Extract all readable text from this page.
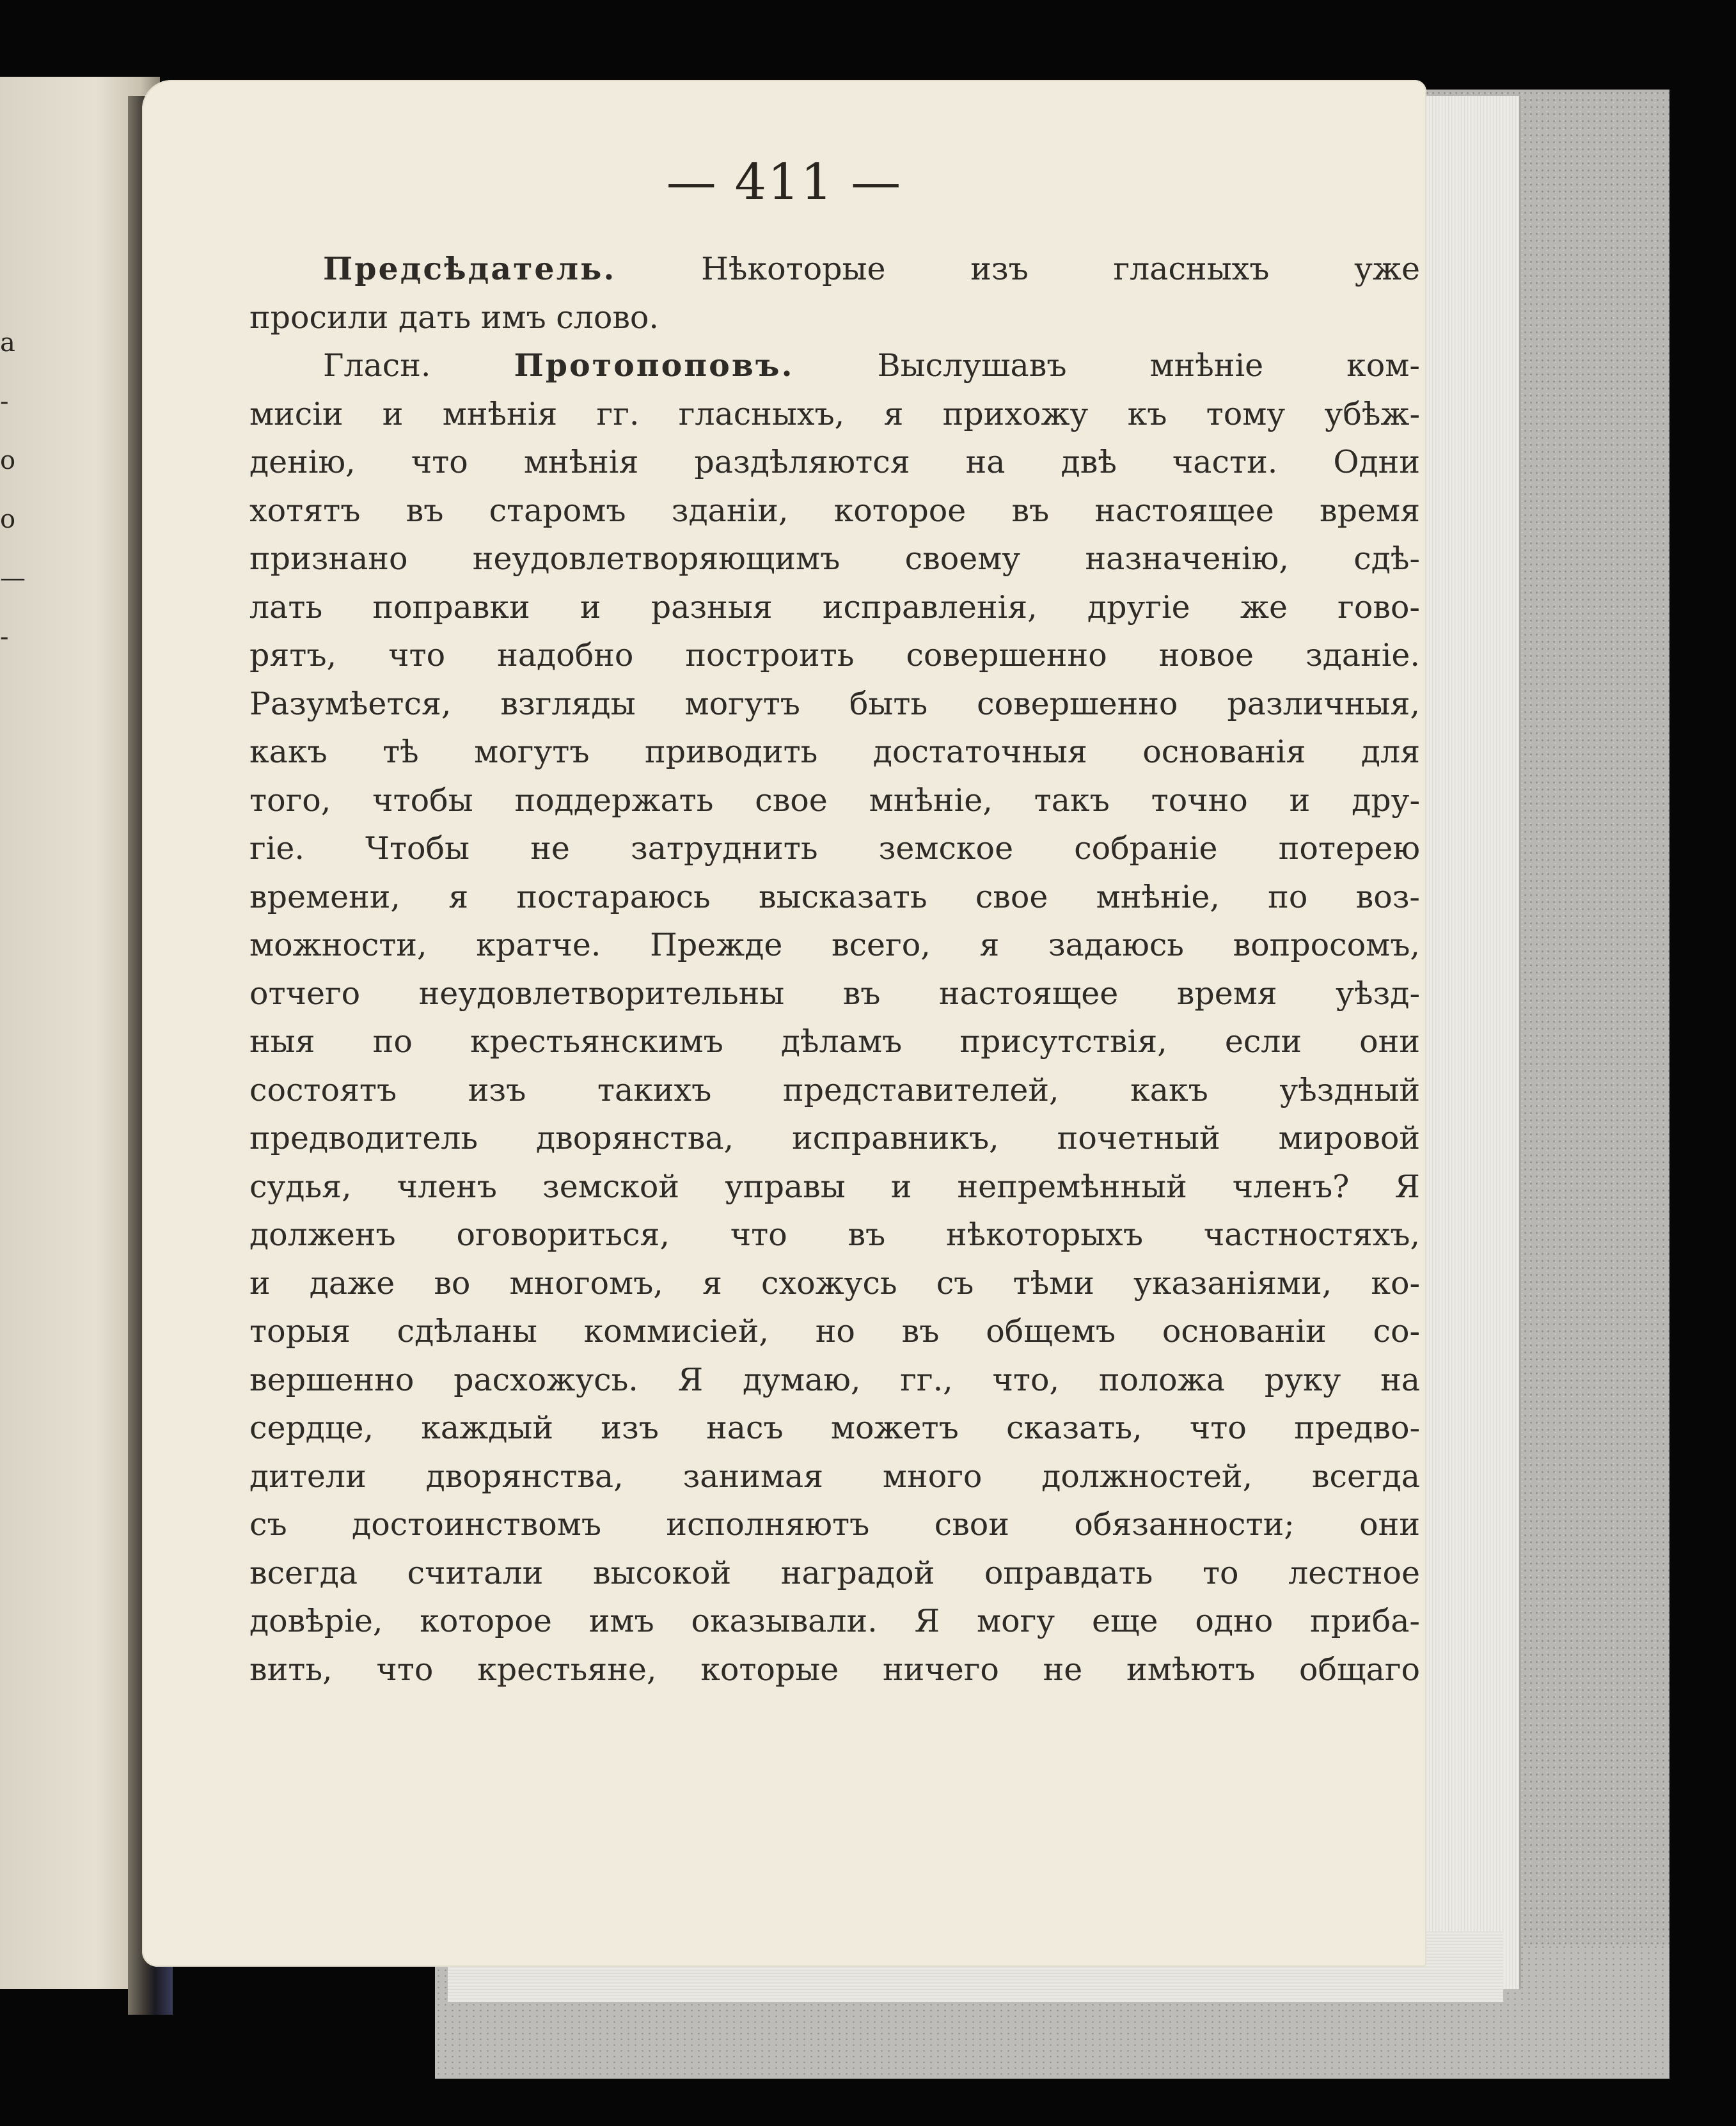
а
-
о
о
—
-
— 411 —
Предсѣдатель. Нѣкоторые изъ гласныхъ уже
просили дать имъ слово.
Гласн. Протопоповъ. Выслушавъ мнѣніе ком-
мисіи и мнѣнія гг. гласныхъ, я прихожу къ тому убѣж-
денію, что мнѣнія раздѣляются на двѣ части. Одни
хотятъ въ старомъ зданіи, которое въ настоящее время
признано неудовлетворяющимъ своему назначенію, сдѣ-
лать поправки и разныя исправленія, другіе же гово-
рятъ, что надобно построить совершенно новое зданіе.
Разумѣется, взгляды могутъ быть совершенно различныя,
какъ тѣ могутъ приводить достаточныя основанія для
того, чтобы поддержать свое мнѣніе, такъ точно и дру-
гіе. Чтобы не затруднить земское собраніе потерею
времени, я постараюсь высказать свое мнѣніе, по воз-
можности, кратче. Прежде всего, я задаюсь вопросомъ,
отчего неудовлетворительны въ настоящее время уѣзд-
ныя по крестьянскимъ дѣламъ присутствія, если они
состоятъ изъ такихъ представителей, какъ уѣздный
предводитель дворянства, исправникъ, почетный мировой
судья, членъ земской управы и непремѣнный членъ? Я
долженъ оговориться, что въ нѣкоторыхъ частностяхъ,
и даже во многомъ, я схожусь съ тѣми указаніями, ко-
торыя сдѣланы коммисіей, но въ общемъ основаніи со-
вершенно расхожусь. Я думаю, гг., что, положа руку на
сердце, каждый изъ насъ можетъ сказать, что предво-
дители дворянства, занимая много должностей, всегда
съ достоинствомъ исполняютъ свои обязанности; они
всегда считали высокой наградой оправдать то лестное
довѣріе, которое имъ оказывали. Я могу еще одно приба-
вить, что крестьяне, которые ничего не имѣютъ общаго
